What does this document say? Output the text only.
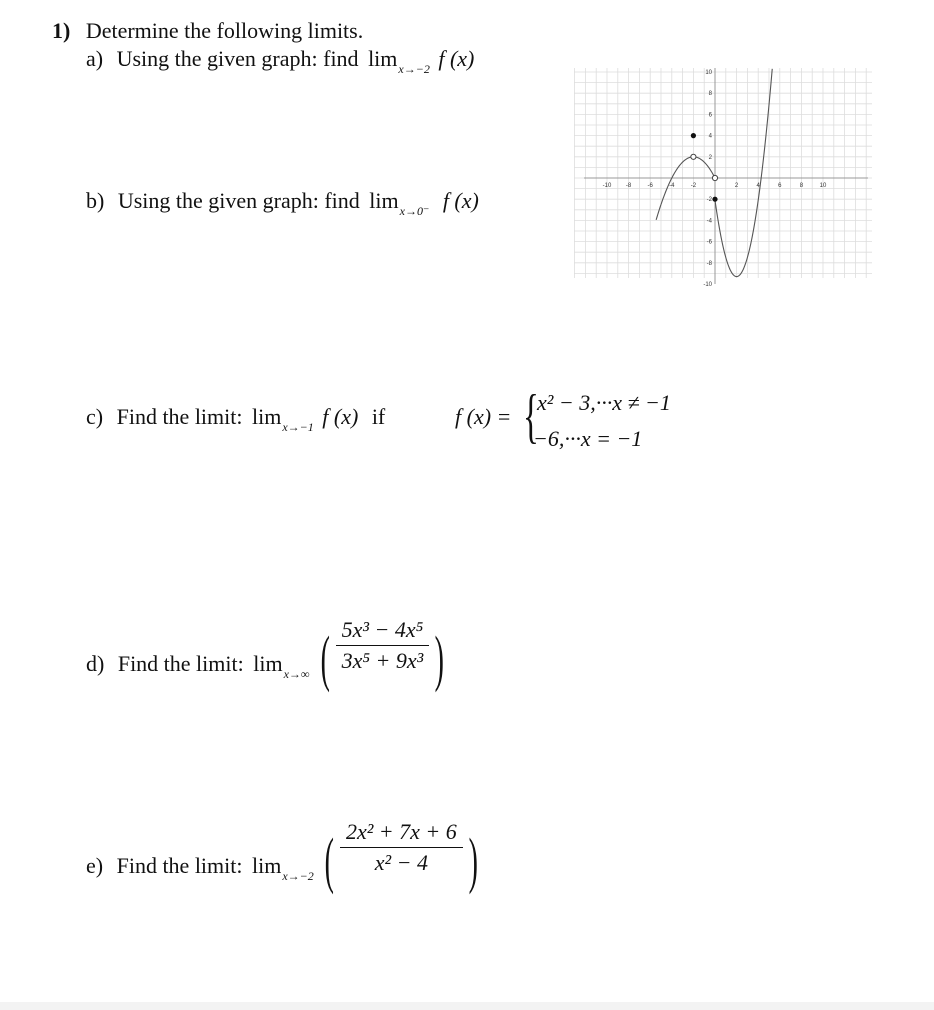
1) Determine the following limits.
a) Using the given graph: find $\lim_{x\to-2} f$ (x)
b) Using the given graph: find $\lim_{x\to 0^-} f$ (x)
-10 -8	-6	-4	-2	2	4	6	8	10
10
8
6
4
2
-2
-4
-6
-8
-10
c) Find the limit: $\lim_{x\to-1} f$ (x) if	f (x) = {
x² − 3,···x ≠ −1
−6,···x = −1
d) Find the limit: $\lim_{x\to\infty}$ ( $\frac{\text{5x³ − 4x⁵}}{\text{3x⁵ + 9x³}}$ )
e) Find the limit: $\lim_{x\to-2}$ ( $\frac{\text{2x² + 7x + 6}}{\text{x² − 4}}$ )
